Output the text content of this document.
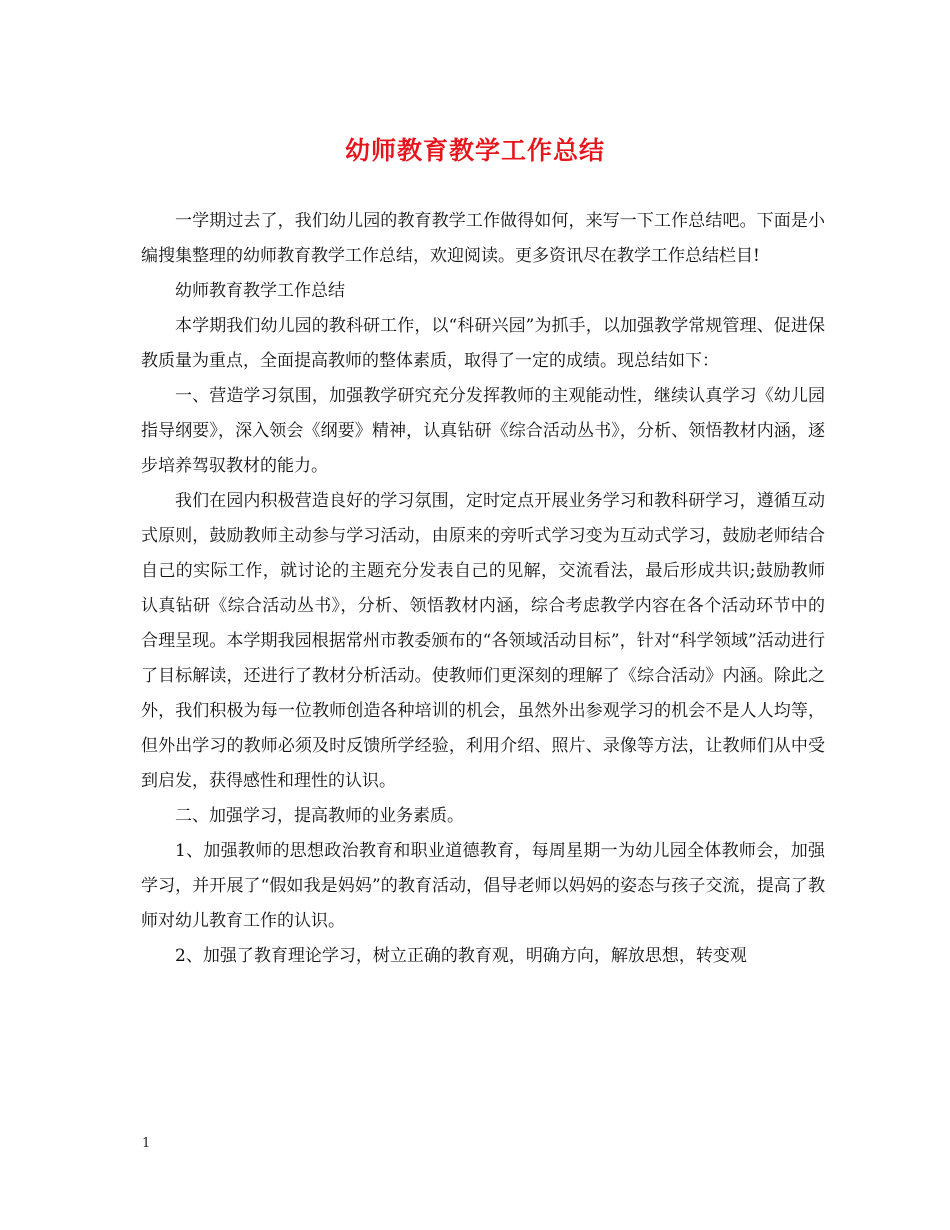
幼师教育教学工作总结

一学期过去了，我们幼儿园的教育教学工作做得如何，来写一下工作总结吧。下面是小编搜集整理的幼师教育教学工作总结，欢迎阅读。更多资讯尽在教学工作总结栏目!

幼师教育教学工作总结

本学期我们幼儿园的教科研工作，以“科研兴园”为抓手，以加强教学常规管理、促进保教质量为重点，全面提高教师的整体素质，取得了一定的成绩。现总结如下：

一、营造学习氛围，加强教学研究充分发挥教师的主观能动性，继续认真学习《幼儿园指导纲要》，深入领会《纲要》精神，认真钻研《综合活动丛书》，分析、领悟教材内涵，逐步培养驾驭教材的能力。

我们在园内积极营造良好的学习氛围，定时定点开展业务学习和教科研学习，遵循互动式原则，鼓励教师主动参与学习活动，由原来的旁听式学习变为互动式学习，鼓励老师结合自己的实际工作，就讨论的主题充分发表自己的见解，交流看法，最后形成共识;鼓励教师认真钻研《综合活动丛书》，分析、领悟教材内涵，综合考虑教学内容在各个活动环节中的合理呈现。本学期我园根据常州市教委颁布的“各领域活动目标”，针对“科学领域”活动进行了目标解读，还进行了教材分析活动。使教师们更深刻的理解了《综合活动》内涵。除此之外，我们积极为每一位教师创造各种培训的机会，虽然外出参观学习的机会不是人人均等，但外出学习的教师必须及时反馈所学经验，利用介绍、照片、录像等方法，让教师们从中受到启发，获得感性和理性的认识。

二、加强学习，提高教师的业务素质。

1、加强教师的思想政治教育和职业道德教育，每周星期一为幼儿园全体教师会，加强学习，并开展了“假如我是妈妈”的教育活动，倡导老师以妈妈的姿态与孩子交流，提高了教师对幼儿教育工作的认识。

2、加强了教育理论学习，树立正确的教育观，明确方向，解放思想，转变观

1
